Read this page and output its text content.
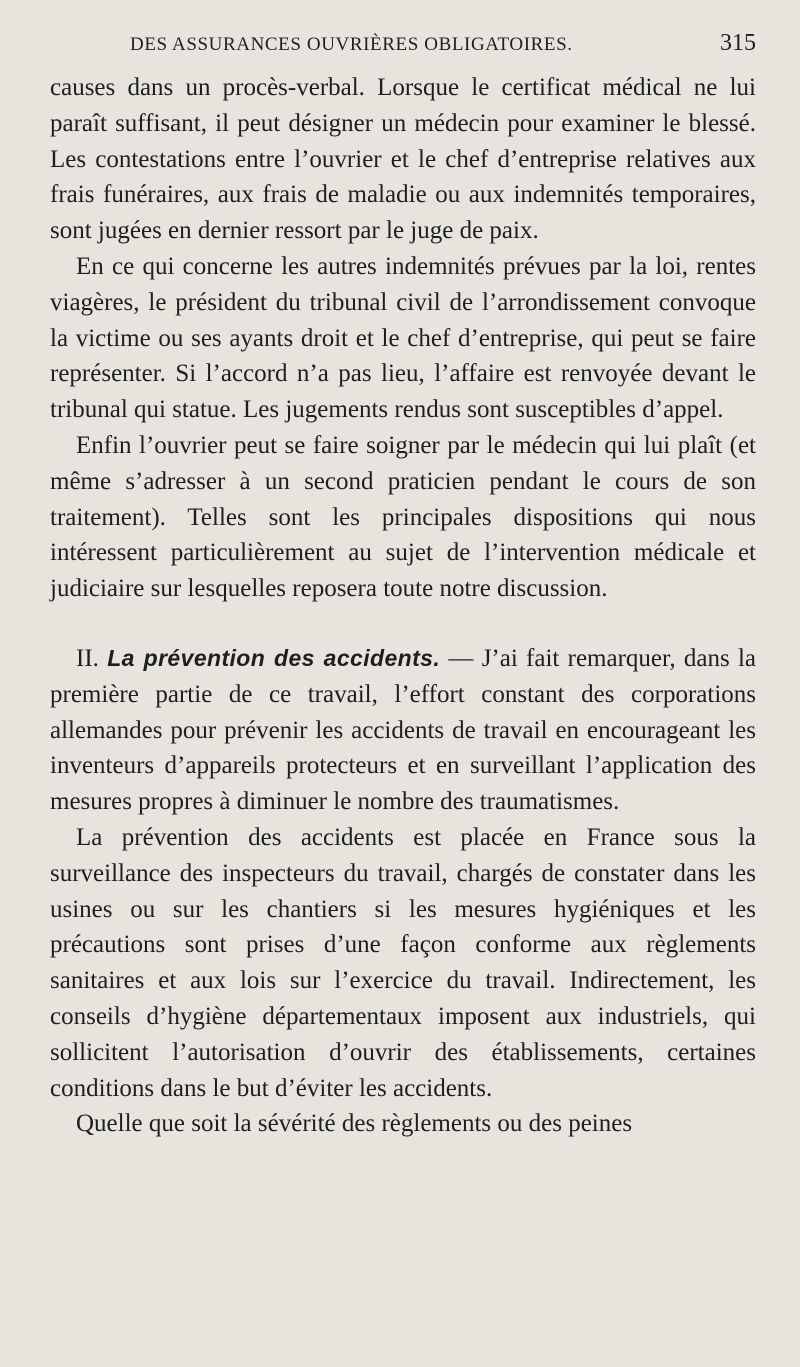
DES ASSURANCES OUVRIÈRES OBLIGATOIRES.	315

causes dans un procès-verbal. Lorsque le certificat médical ne lui paraît suffisant, il peut désigner un médecin pour examiner le blessé. Les contestations entre l’ouvrier et le chef d’entreprise relatives aux frais funéraires, aux frais de maladie ou aux indemnités temporaires, sont jugées en dernier ressort par le juge de paix.

En ce qui concerne les autres indemnités prévues par la loi, rentes viagères, le président du tribunal civil de l’arrondissement convoque la victime ou ses ayants droit et le chef d’entreprise, qui peut se faire représenter. Si l’accord n’a pas lieu, l’affaire est renvoyée devant le tribunal qui statue. Les jugements rendus sont susceptibles d’appel.

Enfin l’ouvrier peut se faire soigner par le médecin qui lui plaît (et même s’adresser à un second praticien pendant le cours de son traitement). Telles sont les principales dispositions qui nous intéressent particulièrement au sujet de l’intervention médicale et judiciaire sur lesquelles reposera toute notre discussion.

II. La prévention des accidents. — J’ai fait remarquer, dans la première partie de ce travail, l’effort constant des corporations allemandes pour prévenir les accidents de travail en encourageant les inventeurs d’appareils protecteurs et en surveillant l’application des mesures propres à diminuer le nombre des traumatismes.

La prévention des accidents est placée en France sous la surveillance des inspecteurs du travail, chargés de constater dans les usines ou sur les chantiers si les mesures hygiéniques et les précautions sont prises d’une façon conforme aux règlements sanitaires et aux lois sur l’exercice du travail. Indirectement, les conseils d’hygiène départementaux imposent aux industriels, qui sollicitent l’autorisation d’ouvrir des établissements, certaines conditions dans le but d’éviter les accidents.

Quelle que soit la sévérité des règlements ou des peines
